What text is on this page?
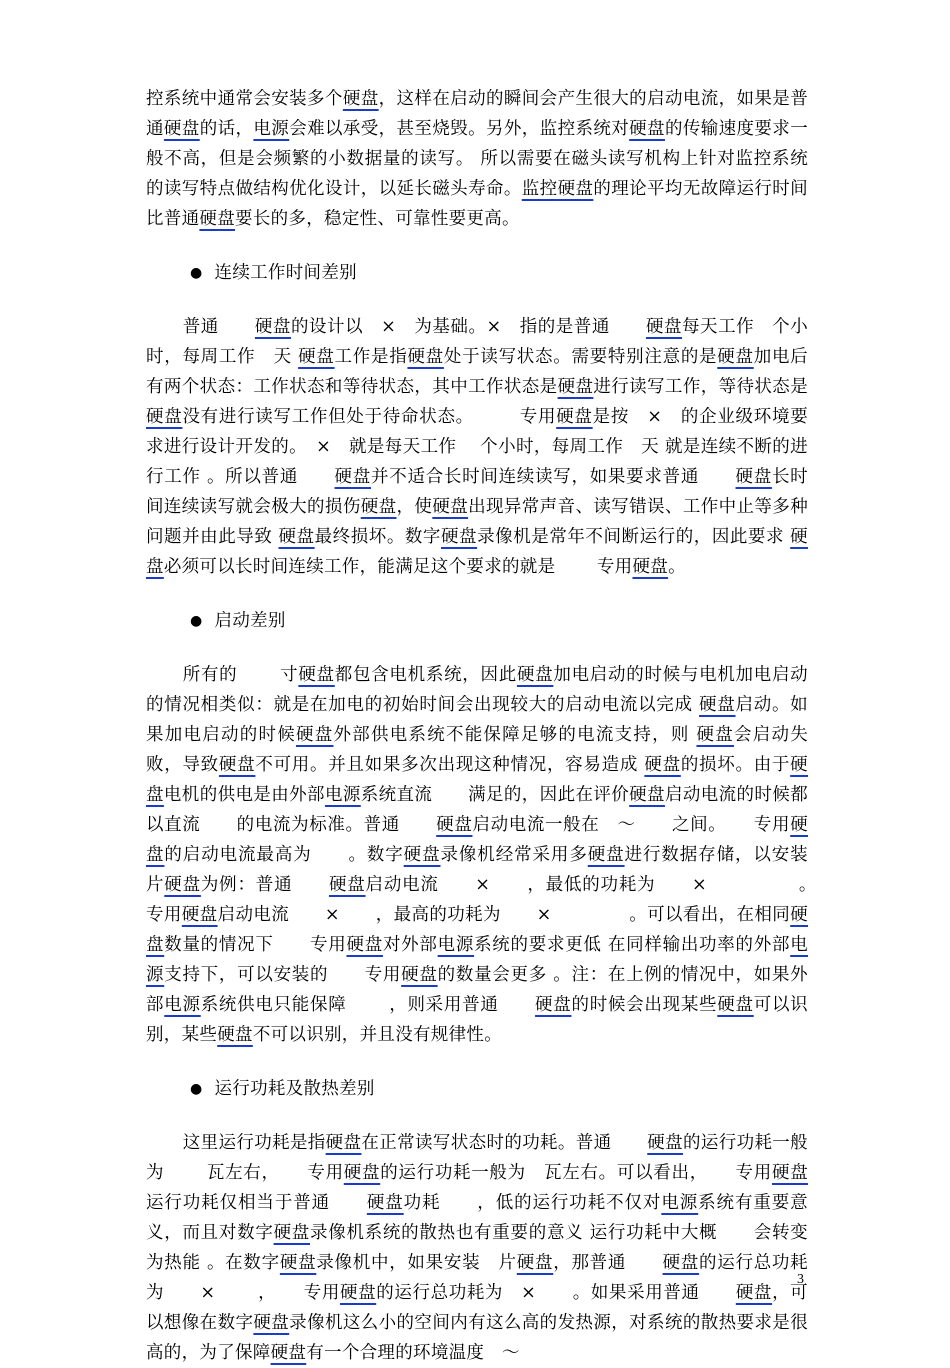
控系统中通常会安装多个硬盘，这样在启动的瞬间会产生很大的启动电流，如果是普通硬盘的话，电源会难以承受，甚至烧毁。另外，监控系统对硬盘的传输速度要求一般不高，但是会频繁的小数据量的读写。 所以需要在磁头读写机构上针对监控系统的读写特点做结构优化设计，以延长磁头寿命。监控硬盘的理论平均无故障运行时间比普通硬盘要长的多，稳定性、可靠性要更高。

● 连续工作时间差别

普通　　硬盘的设计以　×　为基础。×　指的是普通　　硬盘每天工作　个小时，每周工作　天 硬盘工作是指硬盘处于读写状态。需要特别注意的是硬盘加电后有两个状态：工作状态和等待状态，其中工作状态是硬盘进行读写工作，等待状态是硬盘没有进行读写工作但处于待命状态。　　　专用硬盘是按　×　的企业级环境要求进行设计开发的。　×　就是每天工作　 个小时，每周工作　天 就是连续不断的进行工作 。所以普通　　硬盘并不适合长时间连续读写，如果要求普通　　硬盘长时间连续读写就会极大的损伤硬盘，使硬盘出现异常声音、读写错误、工作中止等多种问题并由此导致 硬盘最终损坏。数字硬盘录像机是常年不间断运行的，因此要求 硬盘必须可以长时间连续工作，能满足这个要求的就是　　 专用硬盘。

● 启动差别

所有的　　 寸硬盘都包含电机系统，因此硬盘加电启动的时候与电机加电启动的情况相类似：就是在加电的初始时间会出现较大的启动电流以完成 硬盘启动。如果加电启动的时候硬盘外部供电系统不能保障足够的电流支持，则 硬盘会启动失败，导致硬盘不可用。并且如果多次出现这种情况，容易造成 硬盘的损坏。由于硬盘电机的供电是由外部电源系统直流　　满足的，因此在评价硬盘启动电流的时候都以直流　　的电流为标准。普通　　硬盘启动电流一般在　～　　之间。　　专用硬盘的启动电流最高为　　。数字硬盘录像机经常采用多硬盘进行数据存储，以安装　片硬盘为例：普通　　硬盘启动电流　　×　　，最低的功耗为　　×　　　　　。　　专用硬盘启动电流　　×　　，最高的功耗为　　×　　　　 。可以看出，在相同硬盘数量的情况下　　专用硬盘对外部电源系统的要求更低 在同样输出功率的外部电源支持下，可以安装的　　专用硬盘的数量会更多 。注：在上例的情况中，如果外部电源系统供电只能保障　　 ，则采用普通　　硬盘的时候会出现某些硬盘可以识别，某些硬盘不可以识别，并且没有规律性。

● 运行功耗及散热差别

这里运行功耗是指硬盘在正常读写状态时的功耗。普通　　硬盘的运行功耗一般为　　 瓦左右，　　专用硬盘的运行功耗一般为　瓦左右。可以看出，　　专用硬盘运行功耗仅相当于普通　　硬盘功耗　　，低的运行功耗不仅对电源系统有重要意义，而且对数字硬盘录像机系统的散热也有重要的意义 运行功耗中大概　　会转变为热能 。在数字硬盘录像机中，如果安装　片硬盘，那普通　　硬盘的运行总功耗为　　×　　 ，　　专用硬盘的运行总功耗为　×　　。如果采用普通　　硬盘，可以想像在数字硬盘录像机这么小的空间内有这么高的发热源，对系统的散热要求是很高的，为了保障硬盘有一个合理的环境温度　～

3
